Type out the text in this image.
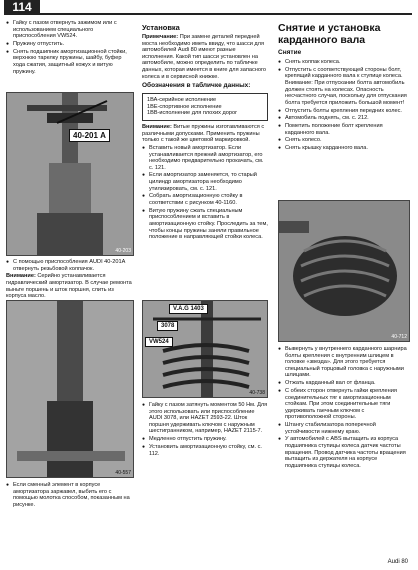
114
● Гайку с пазом отвернуть зажимом или с использованием специального приспособления VW524.
● Пружину отпустить.
● Снять подшипник амортизационной стойки, верхнюю тарелку пружины, шайбу, буфер хода сжатия, защитный кожух и витую пружину.
40-201 А
40-203
● С помощью приспособления AUDI 40-201A отвернуть резьбовой колпачок.

Внимание: Серийно устанавливается гидравлический амортизатор. В случае ремонта выньте поршень и шток поршня, слить из корпуса масло.

40-557
● Если сменный элемент в корпусе амортизатора заржавел, выбить его с помощью молотка способом, показанным на рисунке.
Установка

Примечание: При замене деталей передней моста необходимо иметь ввиду, что шасси для автомобилей Audi 80 имеют разные исполнения. Какой тип шасси установлен на автомобиле, можно определить по табличке данных, которая имеется в книге для запасного колеса и в сервисной книжке.

Обозначения в табличке данных:
1ВА-серийное исполнение
1ВЕ-спортивное исполнение
1ВВ-исполнение для плохих дорог

Внимание: Витые пружины изготавливаются с различными допусками. Применить пружины только с такой же цветовой маркировкой.

● Вставить новый амортизатор. Если устанавливается прежний амортизатор, его необходимо предварительно прокачать, см. с. 121.
● Если амортизатор заменяется, то старый цилиндр амортизатора необходимо утилизировать, см. с. 121.
● Собрать амортизационную стойку в соответствии с рисунком 40-1160.
● Витую пружину сжать специальным приспособлением и вставить в амортизационную стойку. Проследить за тем, чтобы концы пружины заняли правильное положение в направляющей стойки колеса.
V.A.G 1403
3078
VW524
40-738
● Гайку с пазом затянуть моментом 50 Нм. Для этого использовать или приспособление AUDI 3078, или HAZET 2593-22. Шток поршня удерживать ключом с наружным шестигранником, например, HAZET 2115-7.
● Медленно отпустить пружину.
● Установить амортизационную стойку, см. с. 112.
Снятие и установка карданного вала
Снятие
● Снять колпак колеса.
● Отпустить с соответствующей стороны болт, крепящий карданного вала к ступице колеса. Внимание: При отпускании болта автомобиль должен стоять на колесах. Опасность несчастного случая, поскольку для отпускания болта требуется приложить большой момент!
● Отпустить болты крепления передних колес.
● Автомобиль поднять, см. с. 212.
● Пометить положение болт крепления карданного вала.
● Снять колесо.
● Снять крышку карданного вала.
40-712
● Вывернуть у внутреннего карданного шарнира болты крепления с внутренним шлицем в головке «звезда». Для этого требуется специальный торцовый головка с наружными шлицами.
● Отжать карданный вал от фланца.
● С обеих сторон отвернуть гайки крепления соединительных тяг к амортизационным стойкам. При этом соединительные тяги удерживать гаечным ключом с противоположной стороны.
● Штангу стабилизатора поперечной устойчивости нижнему краю.
● У автомобилей с ABS вытащить из корпуса подшипника ступицы колеса датчик частоты вращения. Провод датчика частоты вращения вытащить из держателя на корпусе подшипника ступицы колеса.
Audi 80
